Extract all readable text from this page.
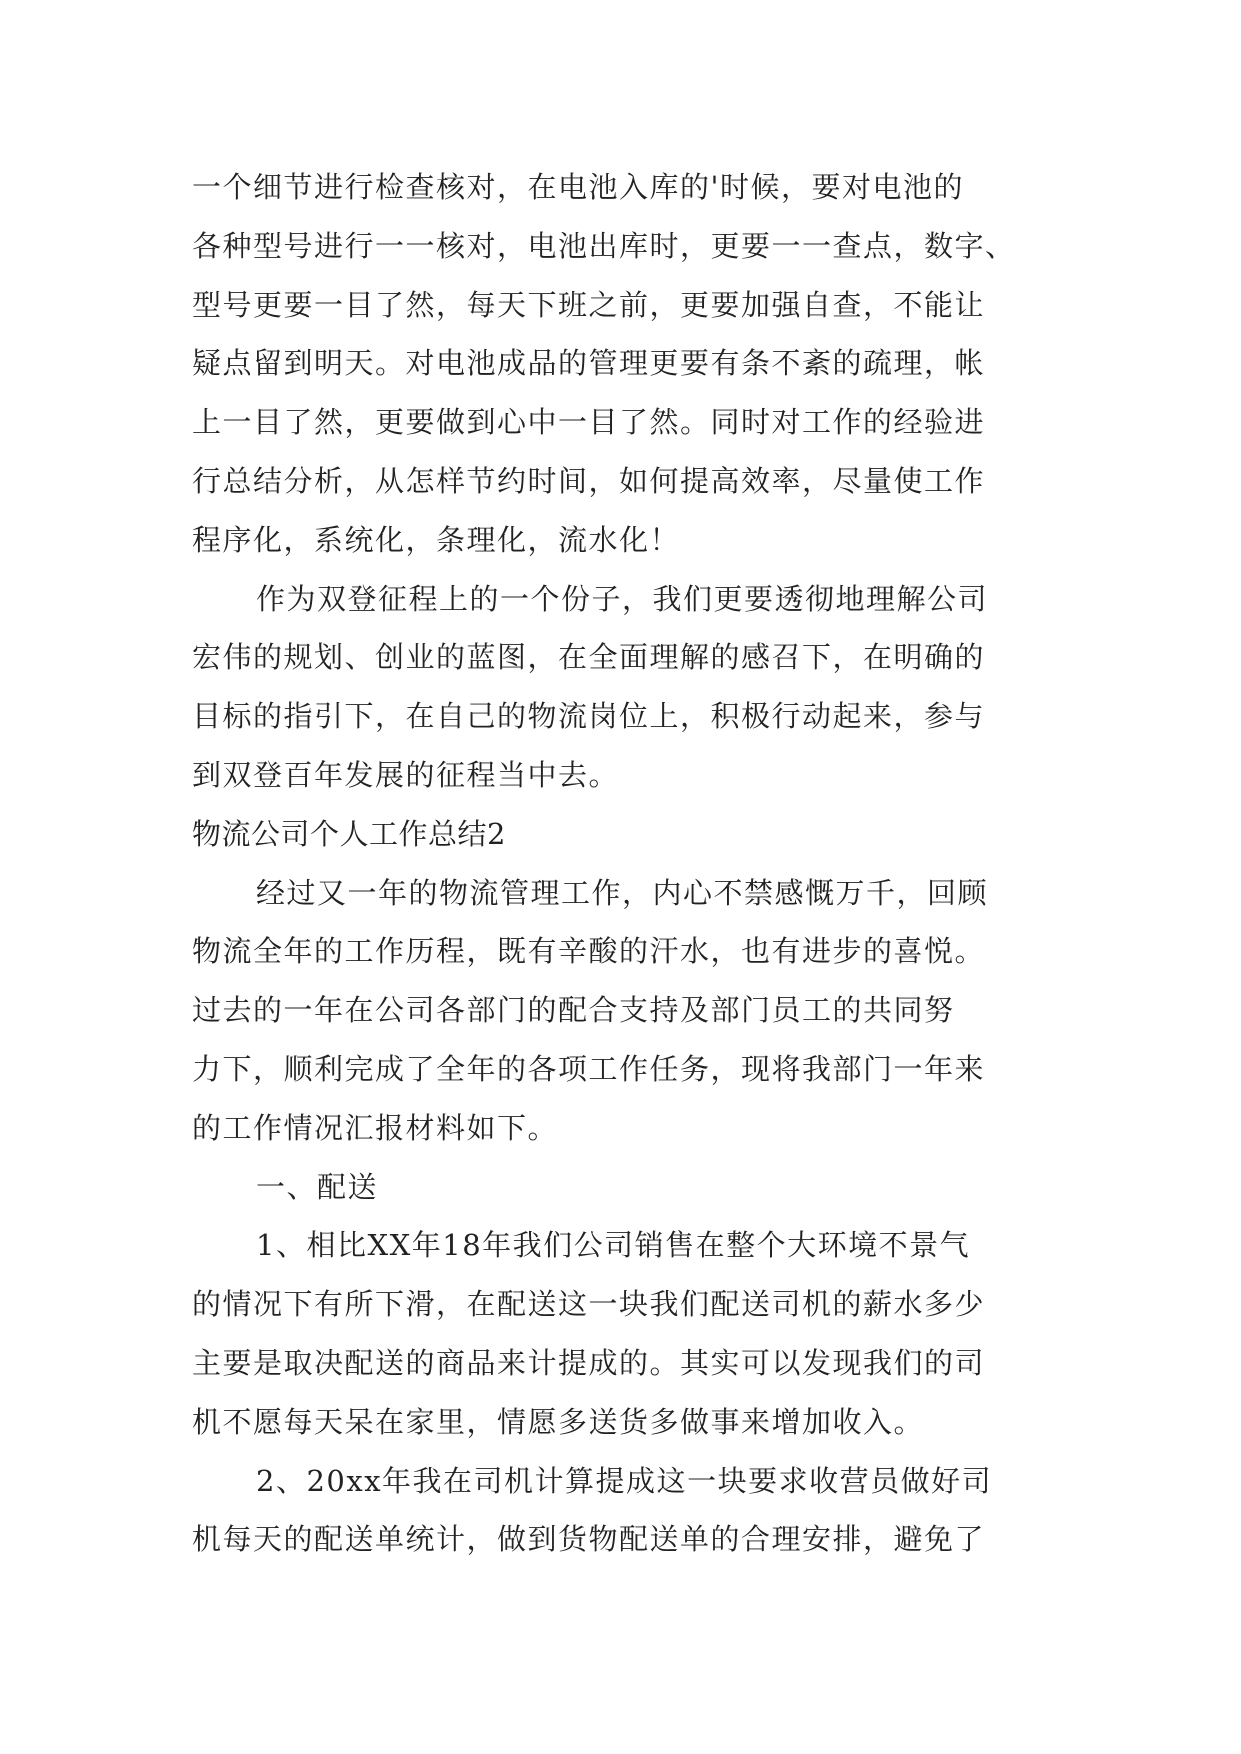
一个细节进行检查核对，在电池入库的'时候，要对电池的
各种型号进行一一核对，电池出库时，更要一一查点，数字、
型号更要一目了然，每天下班之前，更要加强自查，不能让
疑点留到明天。对电池成品的管理更要有条不紊的疏理，帐
上一目了然，更要做到心中一目了然。同时对工作的经验进
行总结分析，从怎样节约时间，如何提高效率，尽量使工作
程序化，系统化，条理化，流水化！
作为双登征程上的一个份子，我们更要透彻地理解公司
宏伟的规划、创业的蓝图，在全面理解的感召下，在明确的
目标的指引下，在自己的物流岗位上，积极行动起来，参与
到双登百年发展的征程当中去。
物流公司个人工作总结2
经过又一年的物流管理工作，内心不禁感慨万千，回顾
物流全年的工作历程，既有辛酸的汗水，也有进步的喜悦。
过去的一年在公司各部门的配合支持及部门员工的共同努
力下，顺利完成了全年的各项工作任务，现将我部门一年来
的工作情况汇报材料如下。
一、配送
1、相比XX年18年我们公司销售在整个大环境不景气
的情况下有所下滑，在配送这一块我们配送司机的薪水多少
主要是取决配送的商品来计提成的。其实可以发现我们的司
机不愿每天呆在家里，情愿多送货多做事来增加收入。
2、20xx年我在司机计算提成这一块要求收营员做好司
机每天的配送单统计，做到货物配送单的合理安排，避免了
